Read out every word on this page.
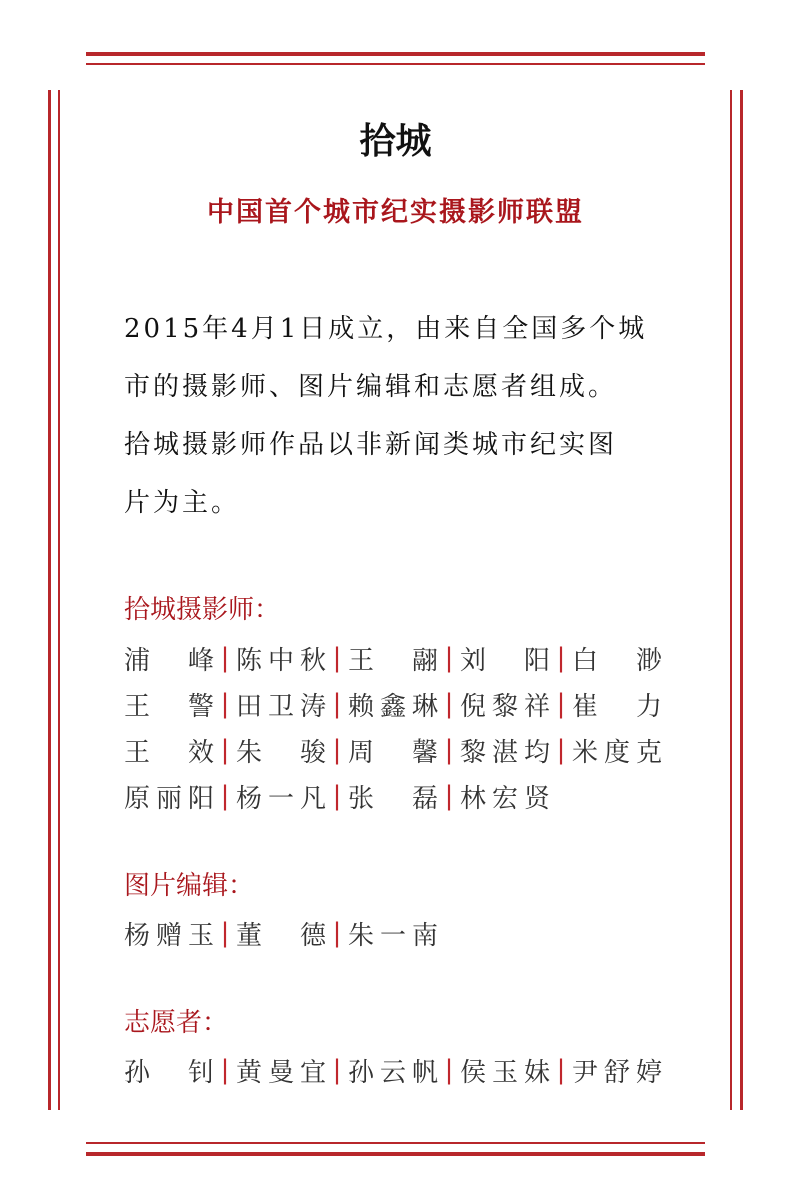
拾城
中国首个城市纪实摄影师联盟
2015年4月1日成立，由来自全国多个城
市的摄影师、图片编辑和志愿者组成。
拾城摄影师作品以非新闻类城市纪实图
片为主。
拾城摄影师：
浦　峰 | 陈中秋 | 王　翮 | 刘　阳 | 白　渺
王　警 | 田卫涛 | 赖鑫琳 | 倪黎祥 | 崔　力
王　效 | 朱　骏 | 周　馨 | 黎湛均 | 米度克
原丽阳 | 杨一凡 | 张　磊 | 林宏贤
图片编辑：
杨赠玉 | 董　德 | 朱一南
志愿者：
孙　钊 | 黄曼宜 | 孙云帆 | 侯玉妹 | 尹舒婷
